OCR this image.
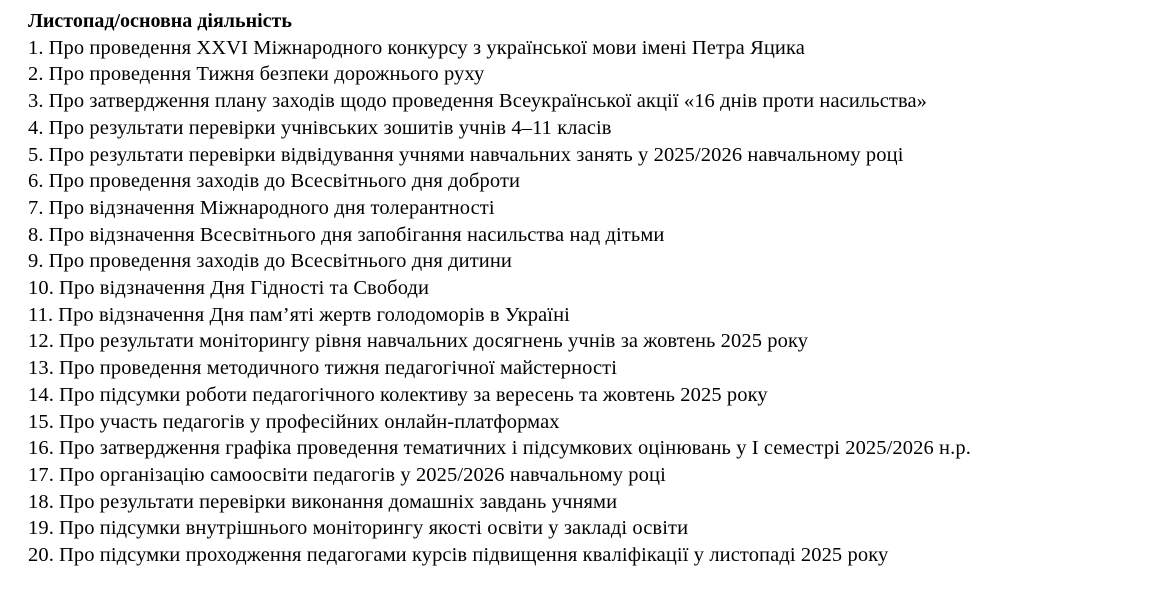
Листопад/основна діяльність
1. Про проведення XXVI Міжнародного конкурсу з української мови імені Петра Яцика
2. Про проведення Тижня безпеки дорожнього руху
3. Про затвердження плану заходів щодо проведення Всеукраїнської акції «16 днів проти насильства»
4. Про результати перевірки учнівських зошитів учнів 4–11 класів
5. Про результати перевірки відвідування учнями навчальних занять у 2025/2026 навчальному році
6. Про проведення заходів до Всесвітнього дня доброти
7. Про відзначення Міжнародного дня толерантності
8. Про відзначення Всесвітнього дня запобігання насильства над дітьми
9. Про проведення заходів до Всесвітнього дня дитини
10. Про відзначення Дня Гідності та Свободи
11. Про відзначення Дня пам’яті жертв голодоморів в Україні
12. Про результати моніторингу рівня навчальних досягнень учнів за жовтень 2025 року
13. Про проведення методичного тижня педагогічної майстерності
14. Про підсумки роботи педагогічного колективу за вересень та жовтень 2025 року
15. Про участь педагогів у професійних онлайн-платформах
16. Про затвердження графіка проведення тематичних і підсумкових оцінювань у І семестрі 2025/2026 н.р.
17. Про організацію самоосвіти педагогів у 2025/2026 навчальному році
18. Про результати перевірки виконання домашніх завдань учнями
19. Про підсумки внутрішнього моніторингу якості освіти у закладі освіти
20. Про підсумки проходження педагогами курсів підвищення кваліфікації у листопаді 2025 року
